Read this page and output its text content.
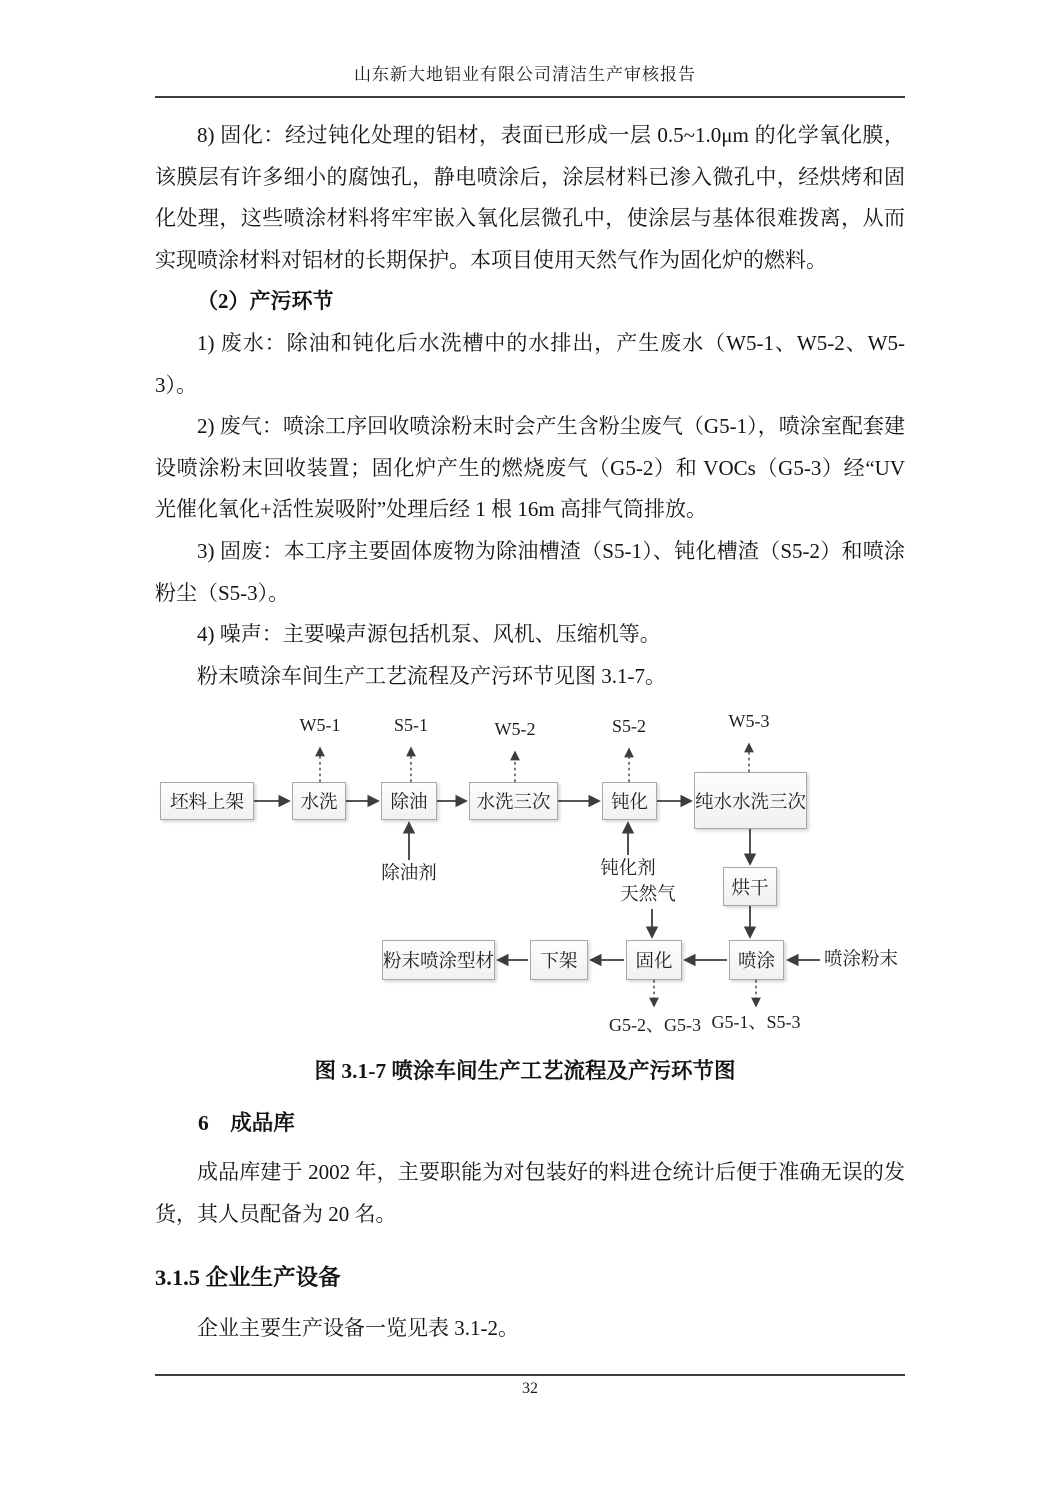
山东新大地铝业有限公司清洁生产审核报告

8) 固化：经过钝化处理的铝材，表面已形成一层 0.5~1.0μm 的化学氧化膜，该膜层有许多细小的腐蚀孔，静电喷涂后，涂层材料已渗入微孔中，经烘烤和固化处理，这些喷涂材料将牢牢嵌入氧化层微孔中，使涂层与基体很难拨离，从而实现喷涂材料对铝材的长期保护。本项目使用天然气作为固化炉的燃料。

（2）产污环节

1) 废水：除油和钝化后水洗槽中的水排出，产生废水（W5-1、W5-2、W5-3）。

2) 废气：喷涂工序回收喷涂粉末时会产生含粉尘废气（G5-1），喷涂室配套建设喷涂粉末回收装置；固化炉产生的燃烧废气（G5-2）和 VOCs（G5-3）经“UV光催化氧化+活性炭吸附”处理后经 1 根 16m 高排气筒排放。

3) 固废：本工序主要固体废物为除油槽渣（S5-1）、钝化槽渣（S5-2）和喷涂粉尘（S5-3）。

4) 噪声：主要噪声源包括机泵、风机、压缩机等。

粉末喷涂车间生产工艺流程及产污环节见图 3.1-7。

坯料上架	水洗	除油	水洗三次	钝化	纯水水洗三次
烘干
粉末喷涂型材	下架	固化	喷涂
W5-1	S5-1	W5-2	S5-2	W5-3
除油剂	钝化剂
天然气
喷涂粉末
G5-2、G5-3 G5-1、S5-3
图 3.1-7 喷涂车间生产工艺流程及产污环节图
6　成品库

成品库建于 2002 年，主要职能为对包装好的料进仓统计后便于准确无误的发货，其人员配备为 20 名。

3.1.5 企业生产设备

企业主要生产设备一览见表 3.1-2。

32
